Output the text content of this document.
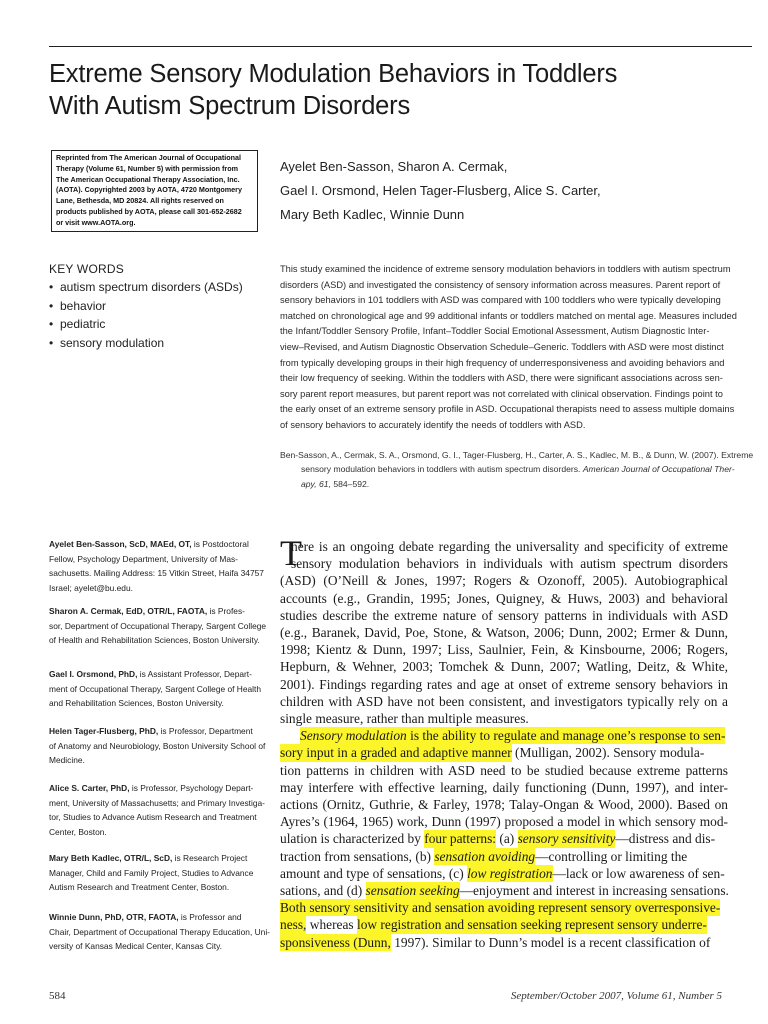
Extreme Sensory Modulation Behaviors in Toddlers
With Autism Spectrum Disorders
Reprinted from The American Journal of Occupational
Therapy (Volume 61, Number 5) with permission from
The American Occupational Therapy Association, Inc.
(AOTA). Copyrighted 2003 by AOTA, 4720 Montgomery
Lane, Bethesda, MD 20824. All rights reserved on
products published by AOTA, please call 301-652-2682
or visit www.AOTA.org.
Ayelet Ben-Sasson, Sharon A. Cermak,
Gael I. Orsmond, Helen Tager-Flusberg, Alice S. Carter,
Mary Beth Kadlec, Winnie Dunn
KEY WORDS
• autism spectrum disorders (ASDs)
• behavior
• pediatric
• sensory modulation
This study examined the incidence of extreme sensory modulation behaviors in toddlers with autism spectrum
disorders (ASD) and investigated the consistency of sensory information across measures. Parent report of
sensory behaviors in 101 toddlers with ASD was compared with 100 toddlers who were typically developing
matched on chronological age and 99 additional infants or toddlers matched on mental age. Measures included
the Infant/Toddler Sensory Profile, Infant–Toddler Social Emotional Assessment, Autism Diagnostic Inter-
view–Revised, and Autism Diagnostic Observation Schedule–Generic. Toddlers with ASD were most distinct
from typically developing groups in their high frequency of underresponsiveness and avoiding behaviors and
their low frequency of seeking. Within the toddlers with ASD, there were significant associations across sen-
sory parent report measures, but parent report was not correlated with clinical observation. Findings point to
the early onset of an extreme sensory profile in ASD. Occupational therapists need to assess multiple domains
of sensory behaviors to accurately identify the needs of toddlers with ASD.
Ben-Sasson, A., Cermak, S. A., Orsmond, G. I., Tager-Flusberg, H., Carter, A. S., Kadlec, M. B., & Dunn, W. (2007). Extreme
sensory modulation behaviors in toddlers with autism spectrum disorders. American Journal of Occupational Ther-
apy, 61, 584–592.
Ayelet Ben-Sasson, ScD, MAEd, OT, is Postdoctoral
Fellow, Psychology Department, University of Mas-
sachusetts. Mailing Address: 15 Vitkin Street, Haifa 34757
Israel; ayelet@bu.edu.
Sharon A. Cermak, EdD, OTR/L, FAOTA, is Profes-
sor, Department of Occupational Therapy, Sargent College
of Health and Rehabilitation Sciences, Boston University.
Gael I. Orsmond, PhD, is Assistant Professor, Depart-
ment of Occupational Therapy, Sargent College of Health
and Rehabilitation Sciences, Boston University.
Helen Tager-Flusberg, PhD, is Professor, Department
of Anatomy and Neurobiology, Boston University School of
Medicine.
Alice S. Carter, PhD, is Professor, Psychology Depart-
ment, University of Massachusetts; and Primary Investiga-
tor, Studies to Advance Autism Research and Treatment
Center, Boston.
Mary Beth Kadlec, OTR/L, ScD, is Research Project
Manager, Child and Family Project, Studies to Advance
Autism Research and Treatment Center, Boston.
Winnie Dunn, PhD, OTR, FAOTA, is Professor and
Chair, Department of Occupational Therapy Education, Uni-
versity of Kansas Medical Center, Kansas City.
T
here is an ongoing debate regarding the universality and specificity of extreme
sensory modulation behaviors in individuals with autism spectrum disorders
(ASD) (O’Neill & Jones, 1997; Rogers & Ozonoff, 2005). Autobiographical
accounts (e.g., Grandin, 1995; Jones, Quigney, & Huws, 2003) and behavioral
studies describe the extreme nature of sensory patterns in individuals with ASD
(e.g., Baranek, David, Poe, Stone, & Watson, 2006; Dunn, 2002; Ermer & Dunn,
1998; Kientz & Dunn, 1997; Liss, Saulnier, Fein, & Kinsbourne, 2006; Rogers,
Hepburn, & Wehner, 2003; Tomchek & Dunn, 2007; Watling, Deitz, & White,
2001). Findings regarding rates and age at onset of extreme sensory behaviors in
children with ASD have not been consistent, and investigators typically rely on a
single measure, rather than multiple measures.
Sensory modulation is the ability to regulate and manage one’s response to sen-
sory input in a graded and adaptive manner (Mulligan, 2002). Sensory modula-
tion patterns in children with ASD need to be studied because extreme patterns
may interfere with effective learning, daily functioning (Dunn, 1997), and inter-
actions (Ornitz, Guthrie, & Farley, 1978; Talay-Ongan & Wood, 2000). Based on
Ayres’s (1964, 1965) work, Dunn (1997) proposed a model in which sensory mod-
ulation is characterized by four patterns: (a) sensory sensitivity —distress and dis-
traction from sensations, (b) sensation avoiding —controlling or limiting the
amount and type of sensations, (c) low registration —lack or low awareness of sen-
sations, and (d) sensation seeking —enjoyment and interest in increasing sensations.
Both sensory sensitivity and sensation avoiding represent sensory overresponsive-
ness, whereas low registration and sensation seeking represent sensory underre-
sponsiveness (Dunn, 1997). Similar to Dunn’s model is a recent classification of
584	September/October 2007, Volume 61, Number 5
